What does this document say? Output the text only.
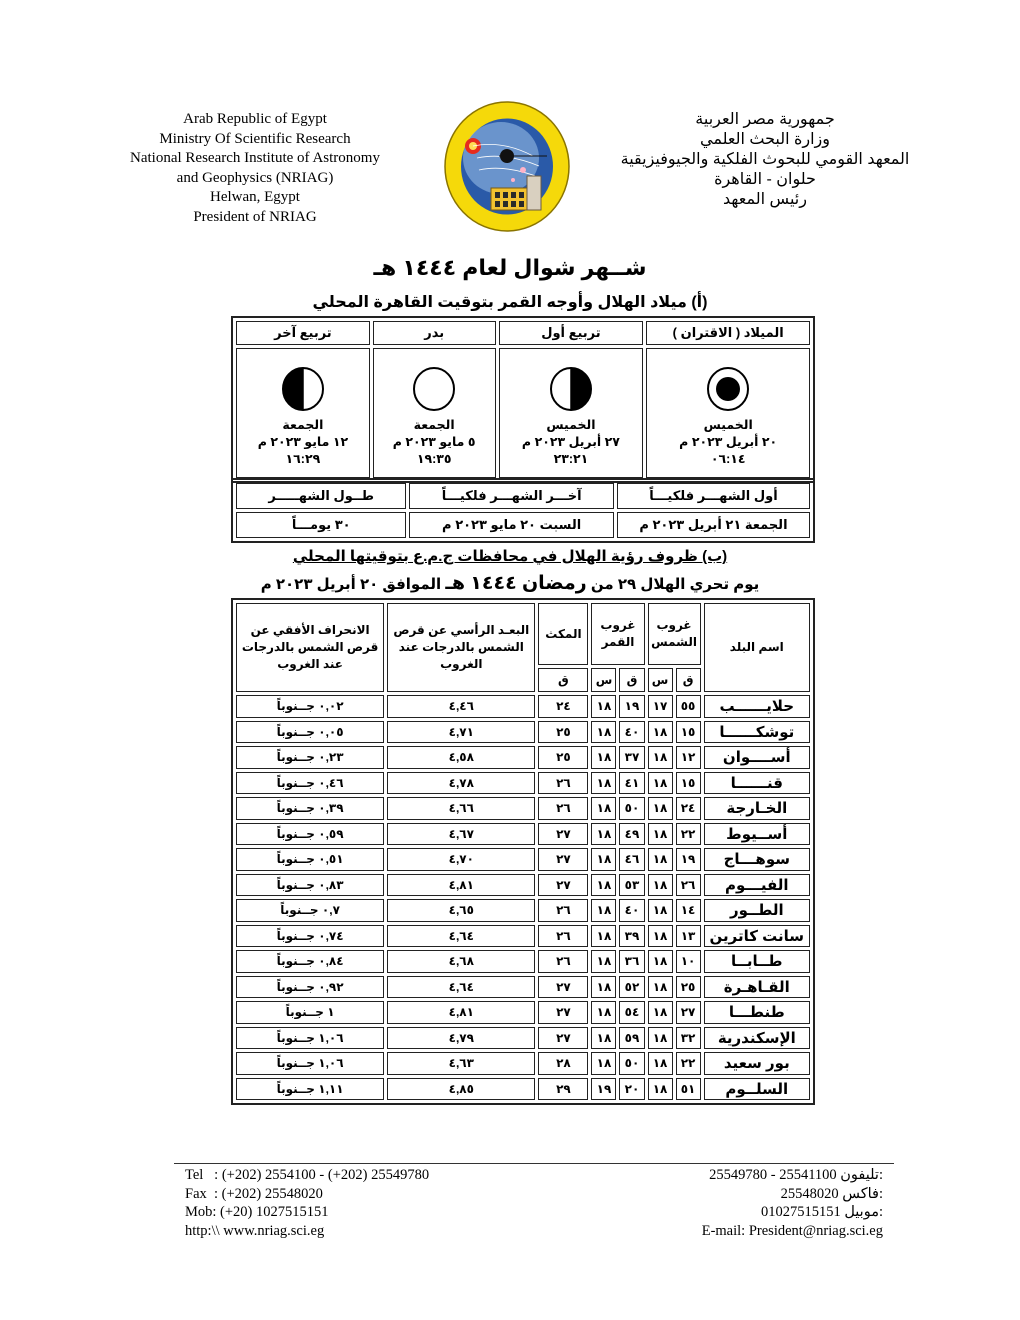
Arab Republic of Egypt
Ministry Of Scientific Research
National Research Institute of Astronomy
and Geophysics (NRIAG)
Helwan, Egypt
President of NRIAG
جمهورية مصر العربية
وزارة البحث العلمي
المعهد القومي للبحوث الفلكية والجيوفيزيقية
حلوان - القاهرة
رئيس المعهد
شــهر شوال لعام ١٤٤٤ هـ
(أ) ميلاد الهلال وأوجه القمر بتوقيت القاهرة المحلي
الميلاد ( الاقتران )	تربيع أول	بدر	تربيع آخر

الخميس
٢٠ أبريل ٢٠٢٣ م
٠٦:١٤

الخميس
٢٧ أبريل ٢٠٢٣ م
٢٣:٢١

الجمعة
٥ مايو ٢٠٢٣ م
١٩:٣٥

الجمعة
١٢ مايو ٢٠٢٣ م
١٦:٢٩
أول الشهـــر فلكيـــاً	آخـــر الشهـــر فلكيـــاً	طــول الشهـــــر
الجمعة ٢١ أبريل ٢٠٢٣ م	السبت ٢٠ مايو ٢٠٢٣ م	٣٠ يومـــاً
(ب) ظروف رؤية الهلال في محافظات ج.م.ع بتوقيتها المحلي
يوم تحري الهلال ٢٩ من رمضان ١٤٤٤ هـ الموافق ٢٠ أبريل ٢٠٢٣ م
اسم البلد	غروب الشمس		غروب القمر		المكث	البعـد الرأسي عن قرص الشمس بالدرجات عند الغروب	الانحراف الأفقي عن قرص الشمس بالدرجات عند الغروب
	ق	س	ق	س	ق		
حلايــــــب	٥٥	١٧	١٩	١٨	٢٤	٤,٤٦	٠,٠٢ جــنوباً
توشكــــــا	١٥	١٨	٤٠	١٨	٢٥	٤,٧١	٠,٠٥ جــنوباً
أســــوان	١٢	١٨	٣٧	١٨	٢٥	٤,٥٨	٠,٢٣ جــنوباً
قنــــــا	١٥	١٨	٤١	١٨	٢٦	٤,٧٨	٠,٤٦ جــنوباً
الخـارجة	٢٤	١٨	٥٠	١٨	٢٦	٤,٦٦	٠,٣٩ جــنوباً
أســيوط	٢٢	١٨	٤٩	١٨	٢٧	٤,٦٧	٠,٥٩ جــنوباً
سوهـــاج	١٩	١٨	٤٦	١٨	٢٧	٤,٧٠	٠,٥١ جــنوباً
الفيـــوم	٢٦	١٨	٥٣	١٨	٢٧	٤,٨١	٠,٨٣ جــنوباً
الطــور	١٤	١٨	٤٠	١٨	٢٦	٤,٦٥	٠,٧ جــنوباً
سانت كاترين	١٣	١٨	٣٩	١٨	٢٦	٤,٦٤	٠,٧٤ جــنوباً
طــابــا	١٠	١٨	٣٦	١٨	٢٦	٤,٦٨	٠,٨٤ جــنوباً
القـاهـرة	٢٥	١٨	٥٢	١٨	٢٧	٤,٦٤	٠,٩٢ جــنوباً
طنطـــا	٢٧	١٨	٥٤	١٨	٢٧	٤,٨١	١ جــنوباً
الإسكندرية	٣٢	١٨	٥٩	١٨	٢٧	٤,٧٩	١,٠٦ جــنوباً
بور سعيد	٢٢	١٨	٥٠	١٨	٢٨	٤,٦٣	١,٠٦ جــنوباً
السلــوم	٥١	١٨	٢٠	١٩	٢٩	٤,٨٥	١,١١ جــنوباً
Tel   : (+202) 2554100 - (+202) 25549780
Fax  : (+202) 25548020
Mob: (+20) 1027515151
http:\\ www.nriag.sci.eg
25549780 - 25541100 تليفون:
25548020 فاكس:
01027515151 موبيل:
E-mail: President@nriag.sci.eg
